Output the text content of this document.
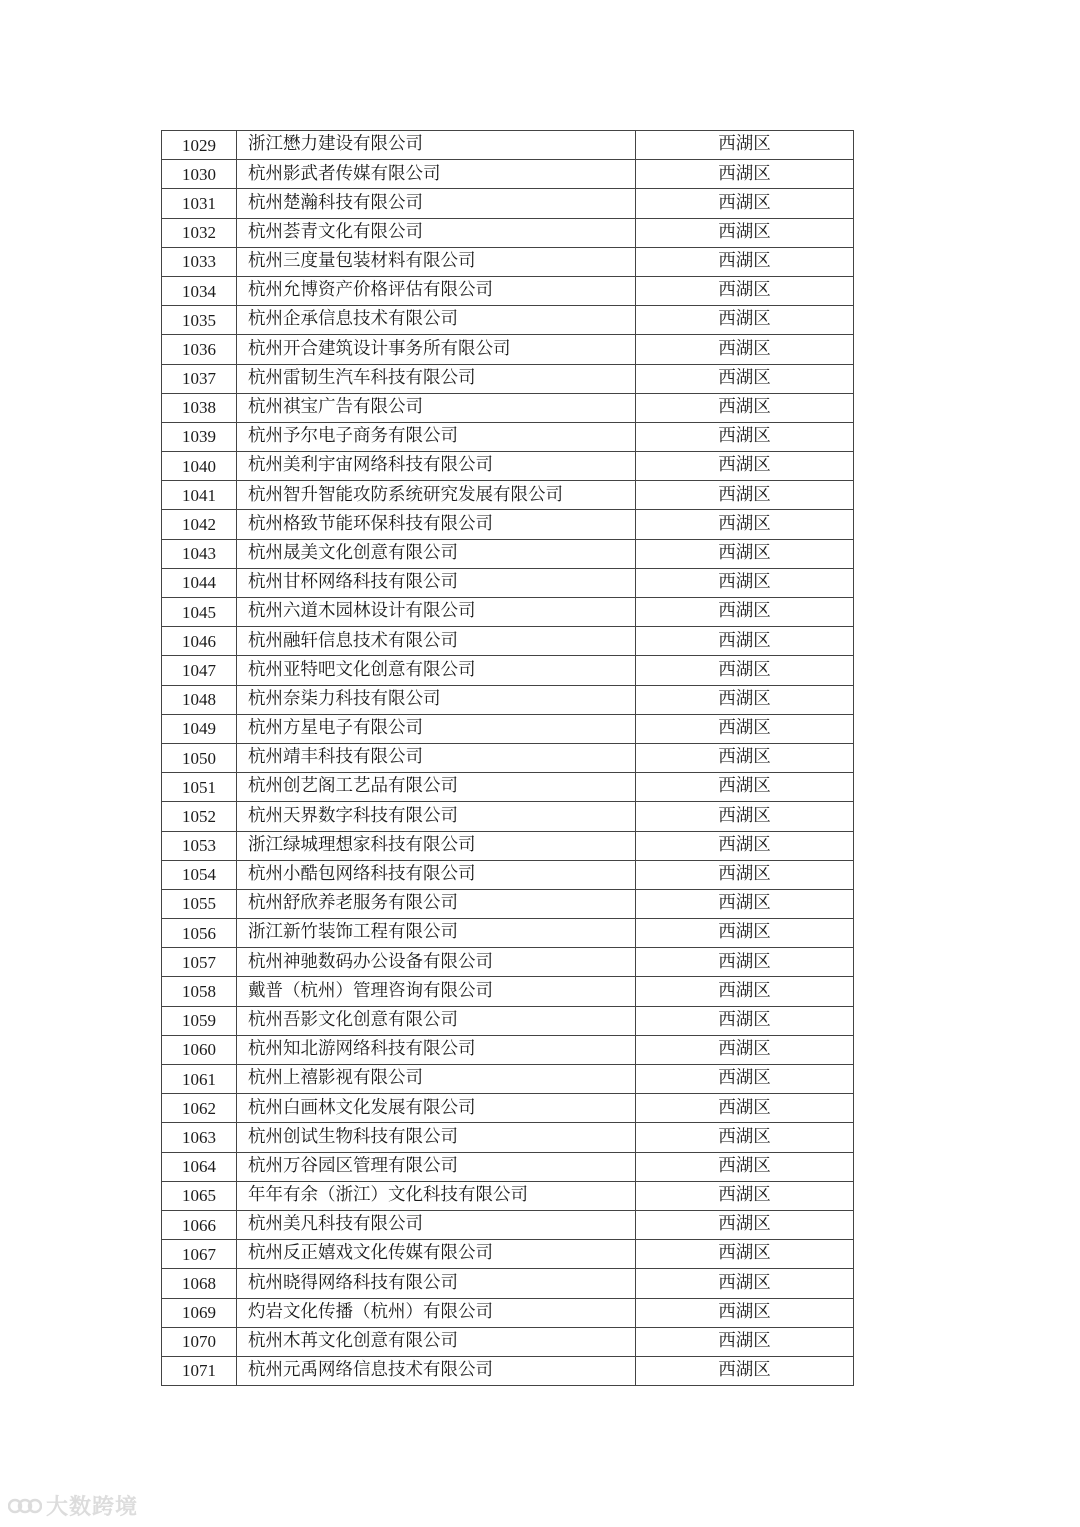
1029	浙江懋力建设有限公司	西湖区
1030	杭州影武者传媒有限公司	西湖区
1031	杭州楚瀚科技有限公司	西湖区
1032	杭州荟青文化有限公司	西湖区
1033	杭州三度量包装材料有限公司	西湖区
1034	杭州允博资产价格评估有限公司	西湖区
1035	杭州企承信息技术有限公司	西湖区
1036	杭州开合建筑设计事务所有限公司	西湖区
1037	杭州雷韧生汽车科技有限公司	西湖区
1038	杭州祺宝广告有限公司	西湖区
1039	杭州予尔电子商务有限公司	西湖区
1040	杭州美利宇宙网络科技有限公司	西湖区
1041	杭州智升智能攻防系统研究发展有限公司	西湖区
1042	杭州格致节能环保科技有限公司	西湖区
1043	杭州晟美文化创意有限公司	西湖区
1044	杭州甘杯网络科技有限公司	西湖区
1045	杭州六道木园林设计有限公司	西湖区
1046	杭州融轩信息技术有限公司	西湖区
1047	杭州亚特吧文化创意有限公司	西湖区
1048	杭州奈柒力科技有限公司	西湖区
1049	杭州方星电子有限公司	西湖区
1050	杭州靖丰科技有限公司	西湖区
1051	杭州创艺阁工艺品有限公司	西湖区
1052	杭州天界数字科技有限公司	西湖区
1053	浙江绿城理想家科技有限公司	西湖区
1054	杭州小酷包网络科技有限公司	西湖区
1055	杭州舒欣养老服务有限公司	西湖区
1056	浙江新竹装饰工程有限公司	西湖区
1057	杭州神驰数码办公设备有限公司	西湖区
1058	戴普（杭州）管理咨询有限公司	西湖区
1059	杭州吾影文化创意有限公司	西湖区
1060	杭州知北游网络科技有限公司	西湖区
1061	杭州上禧影视有限公司	西湖区
1062	杭州白画林文化发展有限公司	西湖区
1063	杭州创试生物科技有限公司	西湖区
1064	杭州万谷园区管理有限公司	西湖区
1065	年年有余（浙江）文化科技有限公司	西湖区
1066	杭州美凡科技有限公司	西湖区
1067	杭州反正嬉戏文化传媒有限公司	西湖区
1068	杭州晓得网络科技有限公司	西湖区
1069	灼岩文化传播（杭州）有限公司	西湖区
1070	杭州木苒文化创意有限公司	西湖区
1071	杭州元禹网络信息技术有限公司	西湖区
大数跨境
